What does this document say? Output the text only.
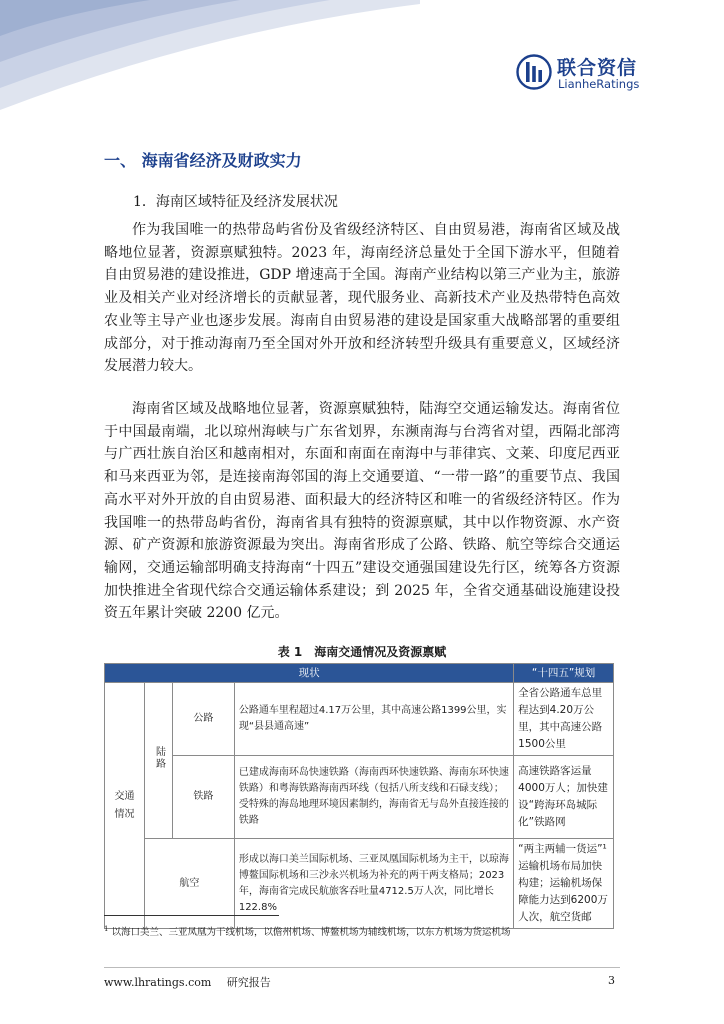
联合资信
LianheRatings
一、 海南省经济及财政实力
1．海南区域特征及经济发展状况

作为我国唯一的热带岛屿省份及省级经济特区、自由贸易港，海南省区域及战略地位显著，资源禀赋独特。2023 年，海南经济总量处于全国下游水平，但随着自由贸易港的建设推进，GDP 增速高于全国。海南产业结构以第三产业为主，旅游业及相关产业对经济增长的贡献显著，现代服务业、高新技术产业及热带特色高效农业等主导产业也逐步发展。海南自由贸易港的建设是国家重大战略部署的重要组成部分，对于推动海南乃至全国对外开放和经济转型升级具有重要意义，区域经济发展潜力较大。

海南省区域及战略地位显著，资源禀赋独特，陆海空交通运输发达。海南省位于中国最南端，北以琼州海峡与广东省划界，东濒南海与台湾省对望，西隔北部湾与广西壮族自治区和越南相对，东面和南面在南海中与菲律宾、文莱、印度尼西亚和马来西亚为邻，是连接南海邻国的海上交通要道、“一带一路”的重要节点、我国高水平对外开放的自由贸易港、面积最大的经济特区和唯一的省级经济特区。作为我国唯一的热带岛屿省份，海南省具有独特的资源禀赋，其中以作物资源、水产资源、矿产资源和旅游资源最为突出。海南省形成了公路、铁路、航空等综合交通运输网，交通运输部明确支持海南“十四五”建设交通强国建设先行区，统筹各方资源加快推进全省现代综合交通运输体系建设；到 2025 年，全省交通基础设施建设投资五年累计突破 2200 亿元。

表 1　海南交通情况及资源禀赋
现状				“十四五”规划
交通情况	陆路	公路	公路通车里程超过4.17万公里，其中高速公路1399公里，实现“县县通高速”	全省公路通车总里程达到4.20万公里，其中高速公路1500公里
		铁路	已建成海南环岛快速铁路（海南西环快速铁路、海南东环快速铁路）和粤海铁路海南西环线（包括八所支线和石碌支线）；受特殊的海岛地理环境因素制约，海南省无与岛外直接连接的铁路	高速铁路客运量4000万人；加快建设“跨海环岛城际化”铁路网
	航空		形成以海口美兰国际机场、三亚凤凰国际机场为主干，以琼海博鳌国际机场和三沙永兴机场为补充的两干两支格局；2023年，海南省完成民航旅客吞吐量4712.5万人次，同比增长122.8%	“两主两辅一货运”¹运输机场布局加快构建；运输机场保障能力达到6200万人次，航空货邮
$^1$ 以海口美兰、三亚凤凰为干线机场，以儋州机场、博鳌机场为辅线机场，以东方机场为货运机场
www.lhratings.com 研究报告	3
